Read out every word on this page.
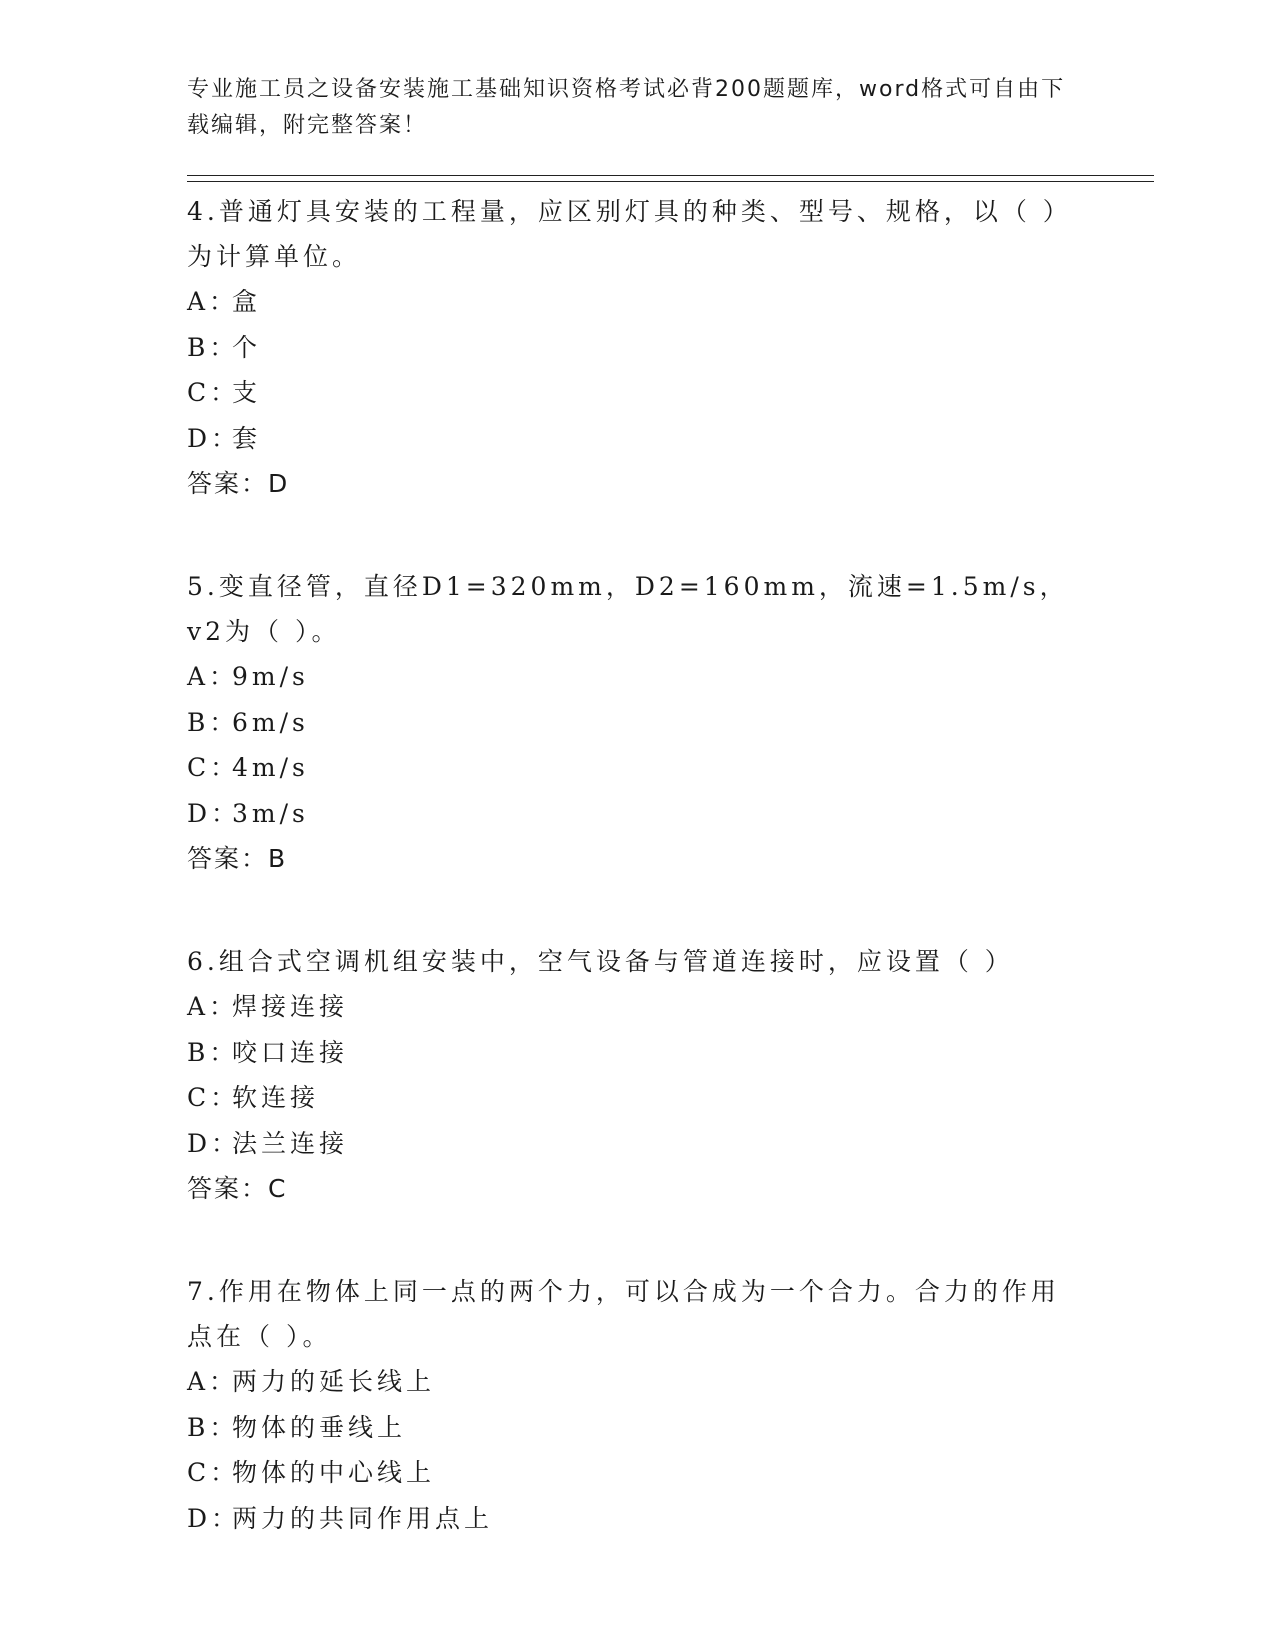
专业施工员之设备安装施工基础知识资格考试必背200题题库，word格式可自由下载编辑，附完整答案！
4.普通灯具安装的工程量，应区别灯具的种类、型号、规格，以（ ）为计算单位。
A：
盒
B：
个
C：
支
D：
套
答案：D
5.变直径管，直径D1=320mm，D2=160mm，流速=1.5m/s，v2为（ ）。
A：
9m/s
B：
6m/s
C：
4m/s
D：
3m/s
答案：B
6.组合式空调机组安装中，空气设备与管道连接时，应设置（ ）
A：
焊接连接
B：
咬口连接
C：
软连接
D：
法兰连接
答案：C
7.作用在物体上同一点的两个力，可以合成为一个合力。合力的作用点在（ ）。
A：
两力的延长线上
B：
物体的垂线上
C：
物体的中心线上
D：
两力的共同作用点上
